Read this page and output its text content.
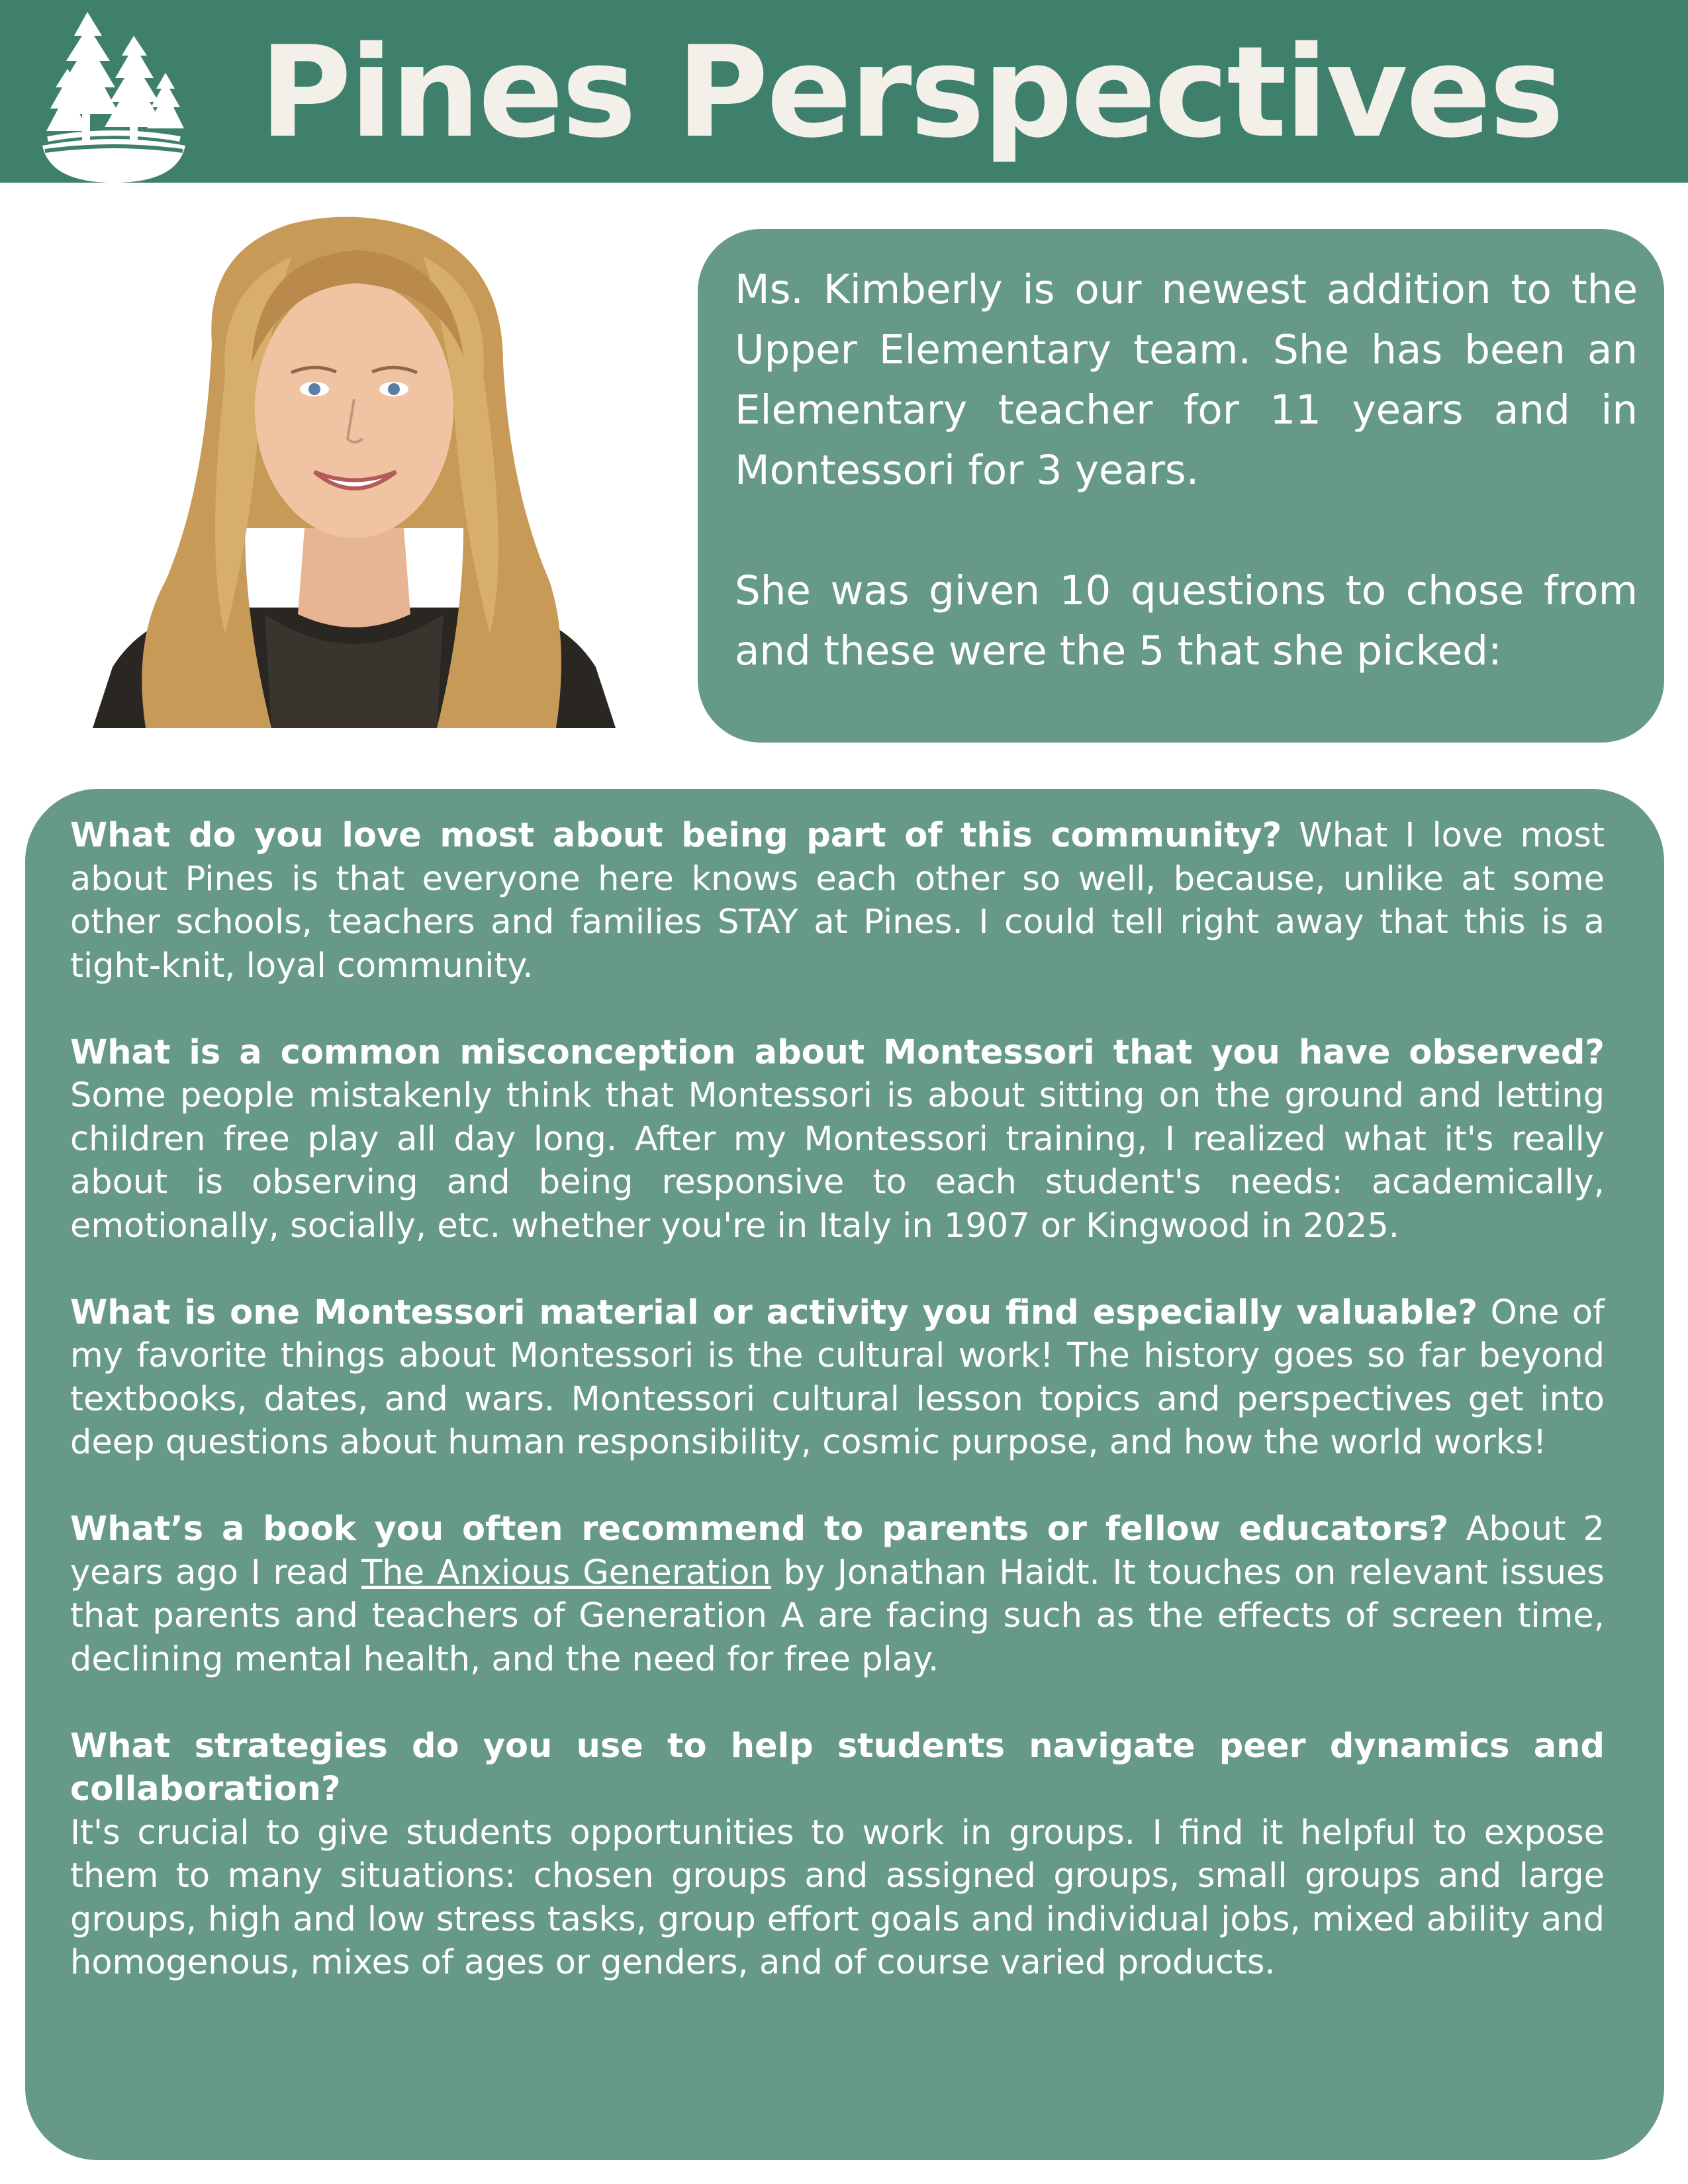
Pines Perspectives

Ms. Kimberly is our newest addition to the Upper Elementary team. She has been an Elementary teacher for 11 years and in Montessori for 3 years.

She was given 10 questions to chose from and these were the 5 that she picked:

What do you love most about being part of this community? What I love most about Pines is that everyone here knows each other so well, because, unlike at some other schools, teachers and families STAY at Pines. I could tell right away that this is a tight-knit, loyal community.

What is a common misconception about Montessori that you have observed? Some people mistakenly think that Montessori is about sitting on the ground and letting children free play all day long. After my Montessori training, I realized what it's really about is observing and being responsive to each student's needs: academically, emotionally, socially, etc. whether you're in Italy in 1907 or Kingwood in 2025.

What is one Montessori material or activity you find especially valuable? One of my favorite things about Montessori is the cultural work! The history goes so far beyond textbooks, dates, and wars. Montessori cultural lesson topics and perspectives get into deep questions about human responsibility, cosmic purpose, and how the world works!

What’s a book you often recommend to parents or fellow educators? About 2 years ago I read The Anxious Generation by Jonathan Haidt. It touches on relevant issues that parents and teachers of Generation A are facing such as the effects of screen time, declining mental health, and the need for free play.

What strategies do you use to help students navigate peer dynamics and collaboration?
It's crucial to give students opportunities to work in groups. I find it helpful to expose them to many situations: chosen groups and assigned groups, small groups and large groups, high and low stress tasks, group effort goals and individual jobs, mixed ability and homogenous, mixes of ages or genders, and of course varied products.
